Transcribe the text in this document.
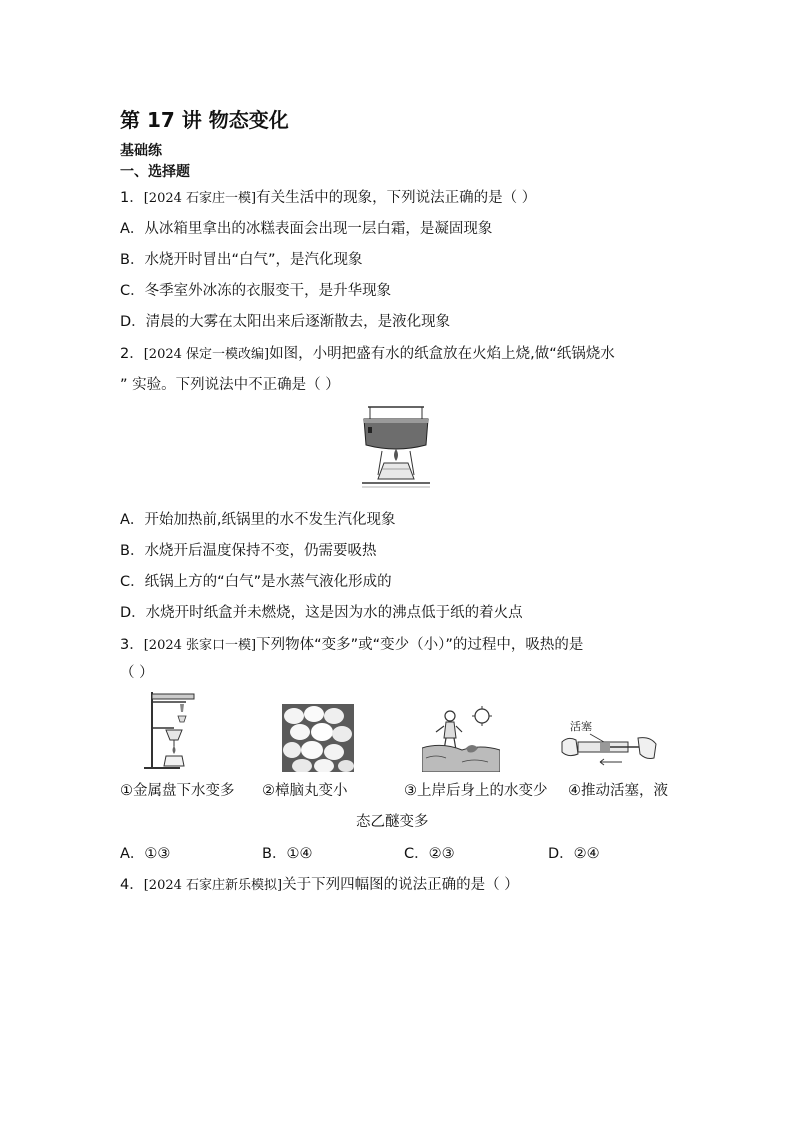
第 17 讲 物态变化
基础练
一、选择题
1．[2024 石家庄一模]有关生活中的现象，下列说法正确的是（ ）
A．从冰箱里拿出的冰糕表面会出现一层白霜，是凝固现象
B．水烧开时冒出“白气”，是汽化现象
C．冬季室外冰冻的衣服变干，是升华现象
D．清晨的大雾在太阳出来后逐渐散去，是液化现象
2．[2024 保定一模改编]如图，小明把盛有水的纸盒放在火焰上烧,做“纸锅烧水
” 实验。下列说法中不正确是（ ）
A．开始加热前,纸锅里的水不发生汽化现象
B．水烧开后温度保持不变，仍需要吸热
C．纸锅上方的“白气”是水蒸气液化形成的
D．水烧开时纸盒并未燃烧，这是因为水的沸点低于纸的着火点
3．[2024 张家口一模]下列物体“变多”或“变少（小）”的过程中，吸热的是
（ ）
活塞
①金属盘下水变多 ②樟脑丸变小	③上岸后身上的水变少 ④推动活塞，液
态乙醚变多
A．①③	B．①④	C．②③	D．②④
4．[2024 石家庄新乐模拟]关于下列四幅图的说法正确的是（ ）
